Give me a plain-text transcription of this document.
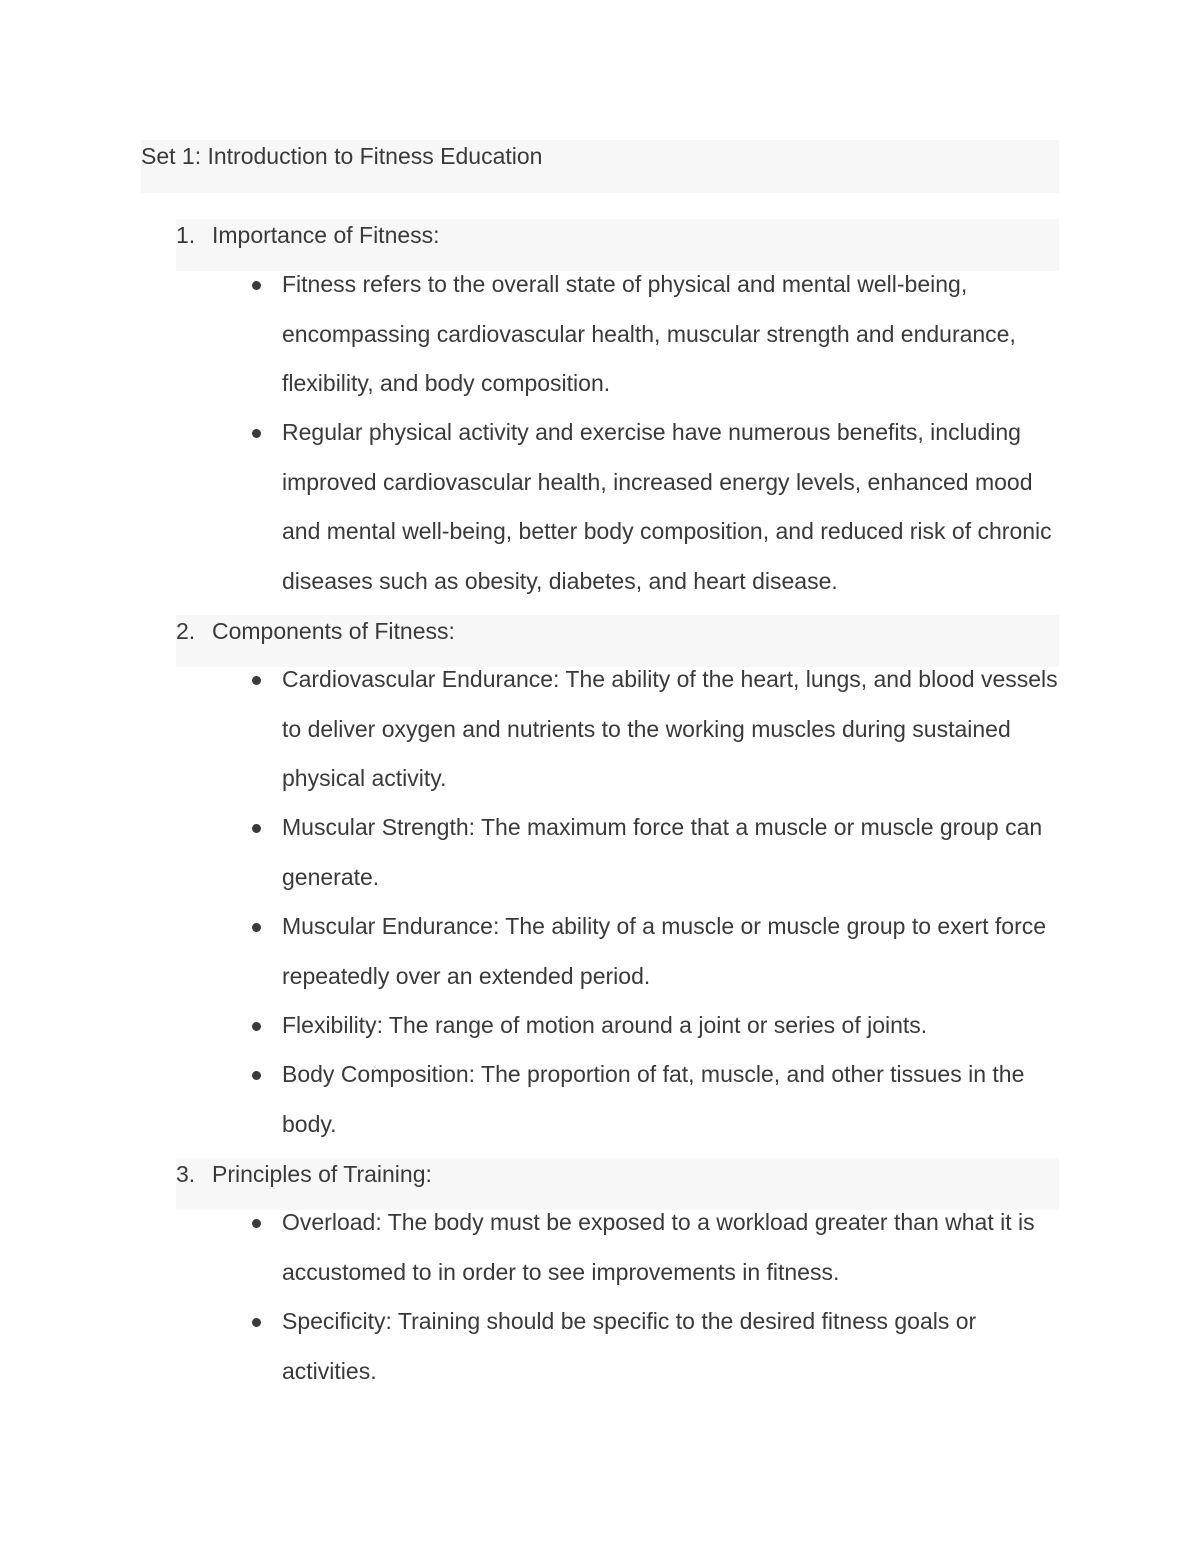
Set 1: Introduction to Fitness Education
1. Importance of Fitness:
Fitness refers to the overall state of physical and mental well-being, encompassing cardiovascular health, muscular strength and endurance, flexibility, and body composition.
Regular physical activity and exercise have numerous benefits, including improved cardiovascular health, increased energy levels, enhanced mood and mental well-being, better body composition, and reduced risk of chronic diseases such as obesity, diabetes, and heart disease.
2. Components of Fitness:
Cardiovascular Endurance: The ability of the heart, lungs, and blood vessels to deliver oxygen and nutrients to the working muscles during sustained physical activity.
Muscular Strength: The maximum force that a muscle or muscle group can generate.
Muscular Endurance: The ability of a muscle or muscle group to exert force repeatedly over an extended period.
Flexibility: The range of motion around a joint or series of joints.
Body Composition: The proportion of fat, muscle, and other tissues in the body.
3. Principles of Training:
Overload: The body must be exposed to a workload greater than what it is accustomed to in order to see improvements in fitness.
Specificity: Training should be specific to the desired fitness goals or activities.
